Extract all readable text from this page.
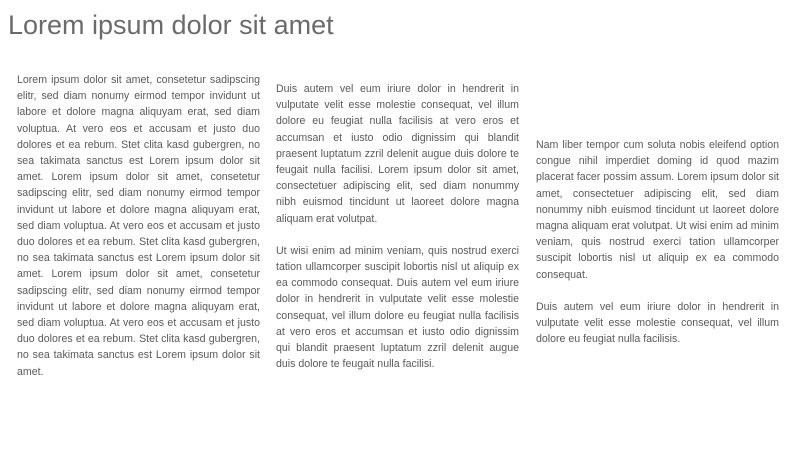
Lorem ipsum dolor sit amet

Lorem ipsum dolor sit amet, consetetur sadipscing elitr, sed diam nonumy eirmod tempor invidunt ut labore et dolore magna aliquyam erat, sed diam voluptua. At vero eos et accusam et justo duo dolores et ea rebum. Stet clita kasd gubergren, no sea takimata sanctus est Lorem ipsum dolor sit amet. Lorem ipsum dolor sit amet, consetetur sadipscing elitr, sed diam nonumy eirmod tempor invidunt ut labore et dolore magna aliquyam erat, sed diam voluptua. At vero eos et accusam et justo duo dolores et ea rebum. Stet clita kasd gubergren, no sea takimata sanctus est Lorem ipsum dolor sit amet. Lorem ipsum dolor sit amet, consetetur sadipscing elitr, sed diam nonumy eirmod tempor invidunt ut labore et dolore magna aliquyam erat, sed diam voluptua. At vero eos et accusam et justo duo dolores et ea rebum. Stet clita kasd gubergren, no sea takimata sanctus est Lorem ipsum dolor sit amet.

Duis autem vel eum iriure dolor in hendrerit in vulputate velit esse molestie consequat, vel illum dolore eu feugiat nulla facilisis at vero eros et accumsan et iusto odio dignissim qui blandit praesent luptatum zzril delenit augue duis dolore te feugait nulla facilisi. Lorem ipsum dolor sit amet, consectetuer adipiscing elit, sed diam nonummy nibh euismod tincidunt ut laoreet dolore magna aliquam erat volutpat.

Ut wisi enim ad minim veniam, quis nostrud exerci tation ullamcorper suscipit lobortis nisl ut aliquip ex ea commodo consequat. Duis autem vel eum iriure dolor in hendrerit in vulputate velit esse molestie consequat, vel illum dolore eu feugiat nulla facilisis at vero eros et accumsan et iusto odio dignissim qui blandit praesent luptatum zzril delenit augue duis dolore te feugait nulla facilisi.

Nam liber tempor cum soluta nobis eleifend option congue nihil imperdiet doming id quod mazim placerat facer possim assum. Lorem ipsum dolor sit amet, consectetuer adipiscing elit, sed diam nonummy nibh euismod tincidunt ut laoreet dolore magna aliquam erat volutpat. Ut wisi enim ad minim veniam, quis nostrud exerci tation ullamcorper suscipit lobortis nisl ut aliquip ex ea commodo consequat.

Duis autem vel eum iriure dolor in hendrerit in vulputate velit esse molestie consequat, vel illum dolore eu feugiat nulla facilisis.
